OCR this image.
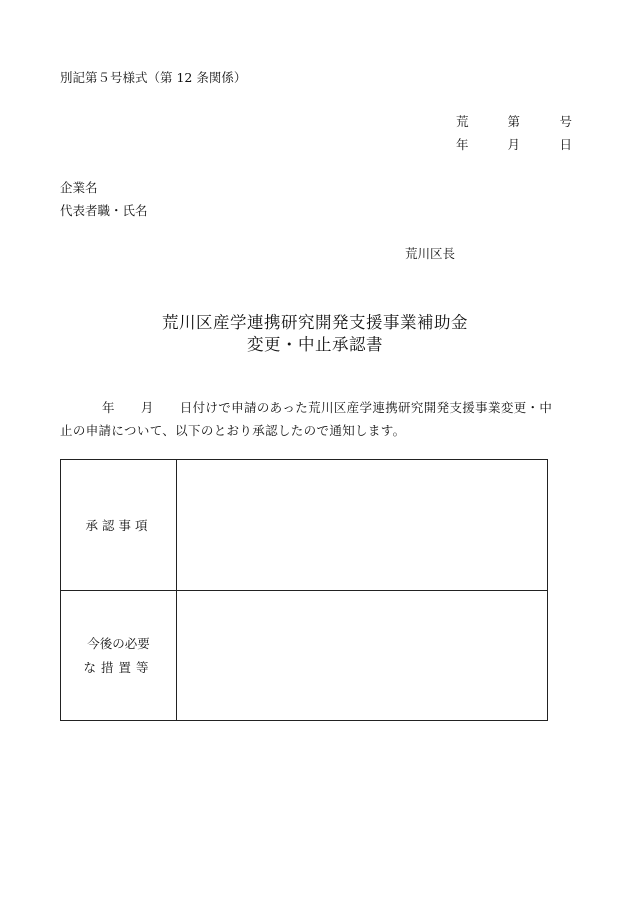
別記第５号様式（第 12 条関係）
荒	第	号
年	月	日
企業名
代表者職・氏名
荒川区長
荒川区産学連携研究開発支援事業補助金
変更・中止承認書
年 月 日付けで申請のあった荒川区産学連携研究開発支援事業変更・中
止の申請について、以下のとおり承認したので通知します。
承認事項	
今後の必要
な措置等	
